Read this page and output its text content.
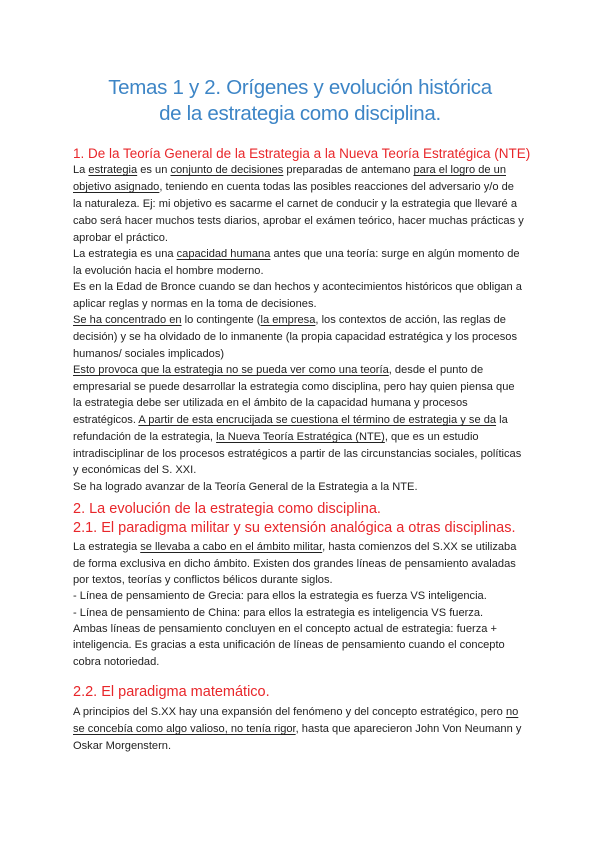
Temas 1 y 2. Orígenes y evolución histórica
de la estrategia como disciplina.
1. De la Teoría General de la Estrategia a la Nueva Teoría Estratégica (NTE)
La estrategia es un conjunto de decisiones preparadas de antemano para el logro de un
objetivo asignado, teniendo en cuenta todas las posibles reacciones del adversario y/o de
la naturaleza. Ej: mi objetivo es sacarme el carnet de conducir y la estrategia que llevaré a
cabo será hacer muchos tests diarios, aprobar el exámen teórico, hacer muchas prácticas y
aprobar el práctico.
La estrategia es una capacidad humana antes que una teoría: surge en algún momento de
la evolución hacia el hombre moderno.
Es en la Edad de Bronce cuando se dan hechos y acontecimientos históricos que obligan a
aplicar reglas y normas en la toma de decisiones.
Se ha concentrado en lo contingente (la empresa, los contextos de acción, las reglas de
decisión) y se ha olvidado de lo inmanente (la propia capacidad estratégica y los procesos
humanos/ sociales implicados)
Esto provoca que la estrategia no se pueda ver como una teoría, desde el punto de
empresarial se puede desarrollar la estrategia como disciplina, pero hay quien piensa que
la estrategia debe ser utilizada en el ámbito de la capacidad humana y procesos
estratégicos. A partir de esta encrucijada se cuestiona el término de estrategia y se da la
refundación de la estrategia, la Nueva Teoría Estratégica (NTE), que es un estudio
intradisciplinar de los procesos estratégicos a partir de las circunstancias sociales, políticas
y económicas del S. XXI.
Se ha logrado avanzar de la Teoría General de la Estrategia a la NTE.
2. La evolución de la estrategia como disciplina.
2.1. El paradigma militar y su extensión analógica a otras disciplinas.
La estrategia se llevaba a cabo en el ámbito militar, hasta comienzos del S.XX se utilizaba
de forma exclusiva en dicho ámbito. Existen dos grandes líneas de pensamiento avaladas
por textos, teorías y conflictos bélicos durante siglos.
- Línea de pensamiento de Grecia: para ellos la estrategia es fuerza VS inteligencia.
- Línea de pensamiento de China: para ellos la estrategia es inteligencia VS fuerza.
Ambas líneas de pensamiento concluyen en el concepto actual de estrategia: fuerza +
inteligencia. Es gracias a esta unificación de líneas de pensamiento cuando el concepto
cobra notoriedad.
2.2. El paradigma matemático.
A principios del S.XX hay una expansión del fenómeno y del concepto estratégico, pero no
se concebía como algo valioso, no tenía rigor, hasta que aparecieron John Von Neumann y
Oskar Morgenstern.
